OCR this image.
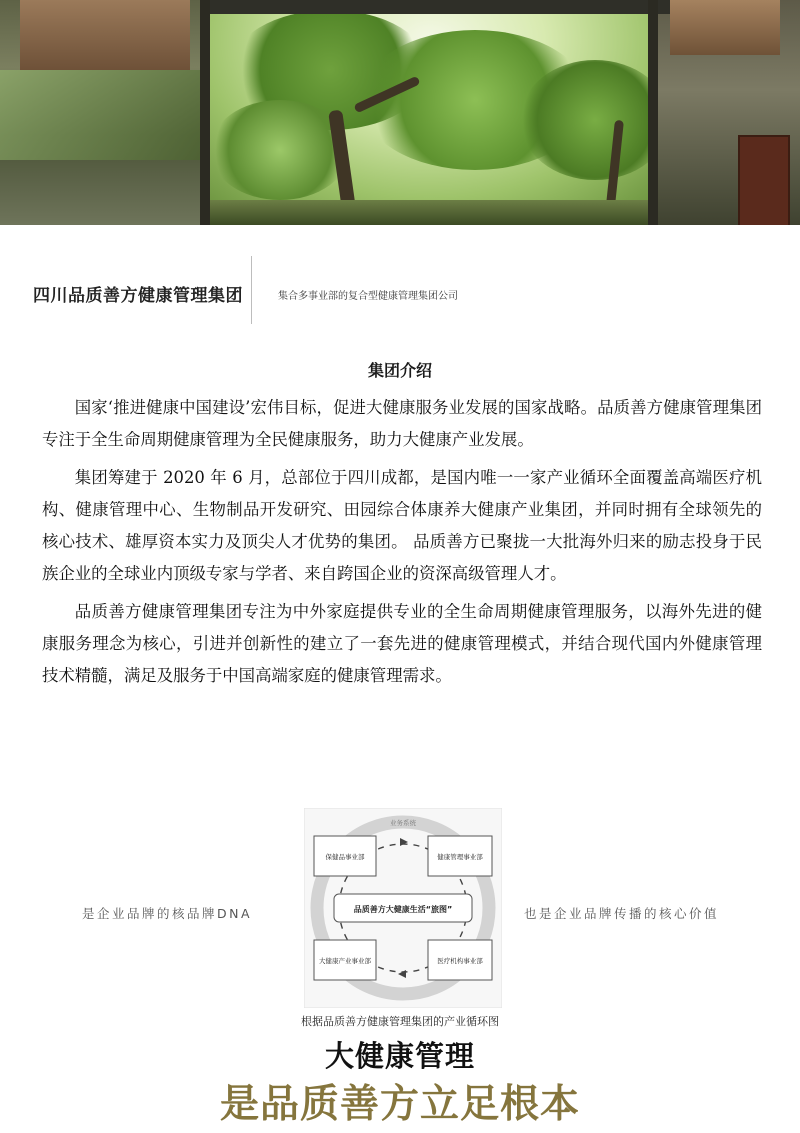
四川品质善方健康管理集团	集合多事业部的复合型健康管理集团公司
集团介绍

国家‘推进健康中国建设’宏伟目标，促进大健康服务业发展的国家战略。品质善方健康管理集团专注于全生命周期健康管理为全民健康服务，助力大健康产业发展。

集团筹建于 2020 年 6 月，总部位于四川成都，是国内唯一一家产业循环全面覆盖高端医疗机构、健康管理中心、生物制品开发研究、田园综合体康养大健康产业集团，并同时拥有全球领先的核心技术、雄厚资本实力及顶尖人才优势的集团。 品质善方已聚拢一大批海外归来的励志投身于民族企业的全球业内顶级专家与学者、来自跨国企业的资深高级管理人才。

品质善方健康管理集团专注为中外家庭提供专业的全生命周期健康管理服务，以海外先进的健康服务理念为核心，引进并创新性的建立了一套先进的健康管理模式，并结合现代国内外健康管理技术精髓，满足及服务于中国高端家庭的健康管理需求。

是企业品牌的核品牌DNA	也是企业品牌传播的核心价值
业务系统
保健品事业部	健康管理事业部
大健康产业事业部	医疗机构事业部
品质善方大健康生活“旅图”
根据品质善方健康管理集团的产业循环图
大健康管理
是品质善方立足根本
